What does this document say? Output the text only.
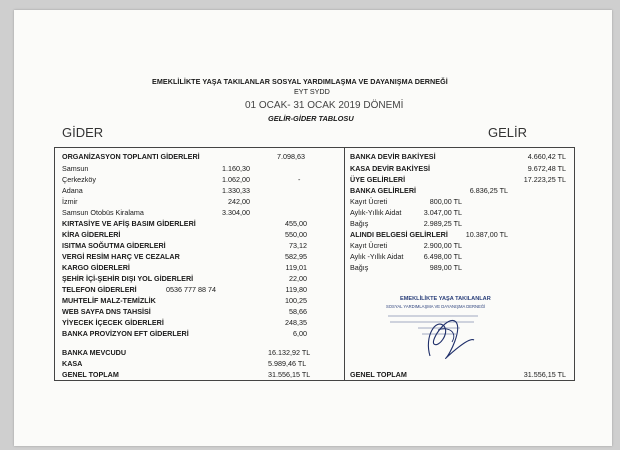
EMEKLİLİKTE YAŞA TAKILANLAR SOSYAL YARDIMLAŞMA VE DAYANIŞMA DERNEĞİ
EYT SYDD
01 OCAK- 31 OCAK 2019 DÖNEMİ
GELİR-GİDER TABLOSU
GİDER	GELİR
ORGANİZASYON TOPLANTI GİDERLERİ	7.098,63
Samsun	1.160,30
Çerkezköy	1.062,00	-
Adana	1.330,33
İzmir	242,00
Samsun Otobüs Kiralama	3.304,00
KIRTASİYE VE AFİŞ BASIM GİDERLERİ	455,00
KİRA GİDERLERİ	550,00
ISITMA SOĞUTMA GİDERLERİ	73,12
VERGİ RESİM HARÇ VE CEZALAR	582,95
KARGO GİDERLERİ	119,01
ŞEHİR İÇİ-ŞEHİR DIŞI YOL GİDERLERİ	22,00
TELEFON GİDERLERİ	0536 777 88 74	119,80
MUHTELİF MALZ-TEMİZLİK	100,25
WEB SAYFA DNS TAHSİSİ	58,66
YİYECEK İÇECEK GİDERLERİ	248,35
BANKA PROVİZYON EFT GİDERLERİ	6,00
BANKA MEVCUDU	16.132,92 TL
KASA	5.989,46 TL
GENEL TOPLAM	31.556,15 TL
BANKA DEVİR BAKİYESİ	4.660,42 TL
KASA DEVİR BAKİYESİ	9.672,48 TL
ÜYE GELİRLERİ	17.223,25 TL
BANKA GELİRLERİ	6.836,25 TL
Kayıt Ücreti	800,00 TL
Aylık-Yıllık Aidat	3.047,00 TL
Bağış	2.989,25 TL
ALINDI BELGESİ GELİRLERİ	10.387,00 TL
Kayıt Ücreti	2.900,00 TL
Aylık -Yıllık Aidat	6.498,00 TL
Bağış	989,00 TL
GENEL TOPLAM	31.556,15 TL
EMEKLİLİKTE YAŞA TAKILANLAR
SOSYAL YARDIMLAŞMA VE DAYANIŞMA DERNEĞİ
